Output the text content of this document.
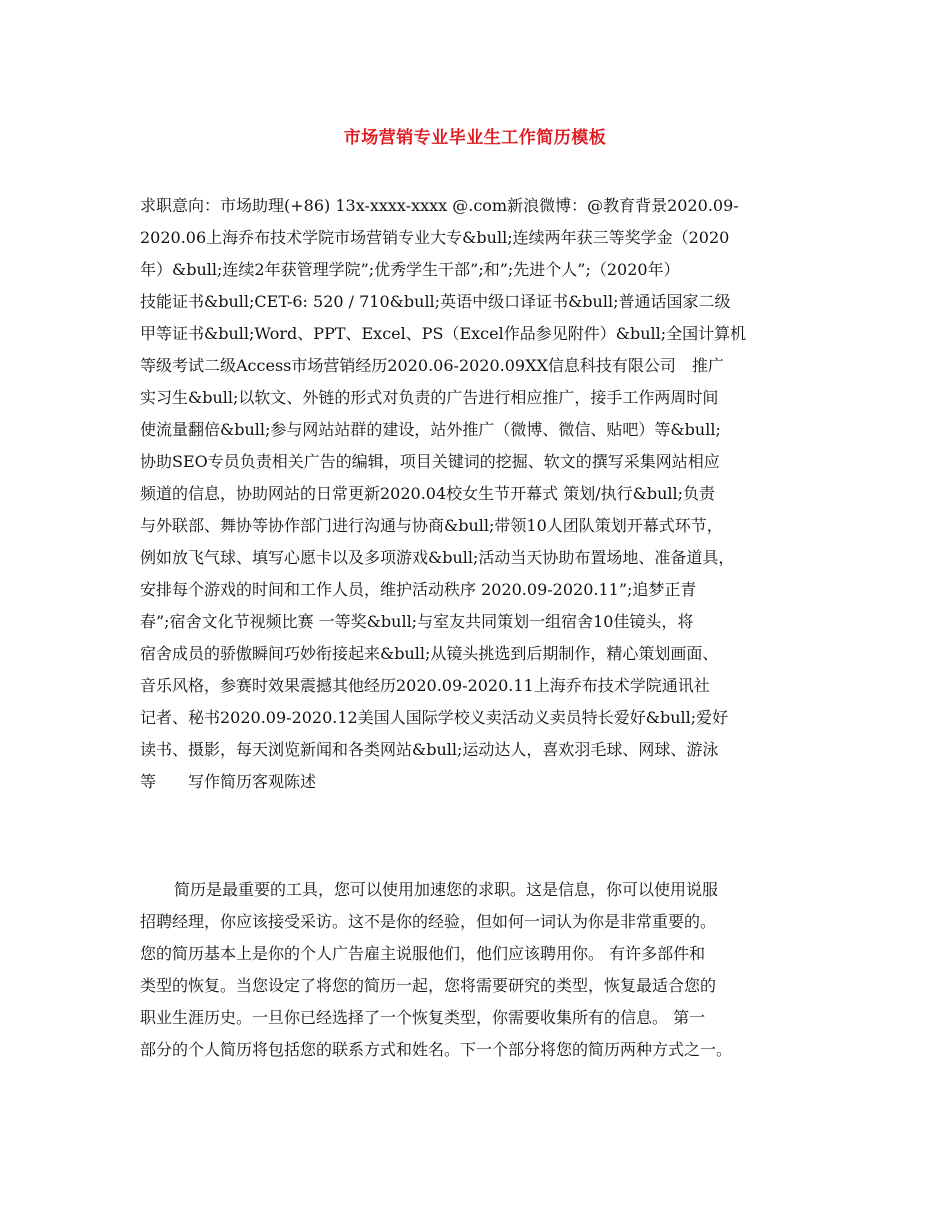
市场营销专业毕业生工作简历模板
求职意向：市场助理(+86) 13x-xxxx-xxxx @.com新浪微博：@教育背景2020.09-
2020.06上海乔布技术学院市场营销专业大专&bull;连续两年获三等奖学金（2020
年）&bull;连续2年获管理学院”;优秀学生干部”;和”;先进个人”;（2020年）
技能证书&bull;CET-6: 520 / 710&bull;英语中级口译证书&bull;普通话国家二级
甲等证书&bull;Word、PPT、Excel、PS（Excel作品参见附件）&bull;全国计算机
等级考试二级Access市场营销经历2020.06-2020.09XX信息科技有限公司　推广
实习生&bull;以软文、外链的形式对负责的广告进行相应推广，接手工作两周时间
使流量翻倍&bull;参与网站站群的建设，站外推广（微博、微信、贴吧）等&bull;
协助SEO专员负责相关广告的编辑，项目关键词的挖掘、软文的撰写采集网站相应
频道的信息，协助网站的日常更新2020.04校女生节开幕式 策划/执行&bull;负责
与外联部、舞协等协作部门进行沟通与协商&bull;带领10人团队策划开幕式环节，
例如放飞气球、填写心愿卡以及多项游戏&bull;活动当天协助布置场地、准备道具，
安排每个游戏的时间和工作人员，维护活动秩序 2020.09-2020.11”;追梦正青
春”;宿舍文化节视频比赛 一等奖&bull;与室友共同策划一组宿舍10佳镜头，将
宿舍成员的骄傲瞬间巧妙衔接起来&bull;从镜头挑选到后期制作，精心策划画面、
音乐风格，参赛时效果震撼其他经历2020.09-2020.11上海乔布技术学院通讯社
记者、秘书2020.09-2020.12美国人国际学校义卖活动义卖员特长爱好&bull;爱好
读书、摄影，每天浏览新闻和各类网站&bull;运动达人，喜欢羽毛球、网球、游泳
等　　写作简历客观陈述
简历是最重要的工具，您可以使用加速您的求职。这是信息，你可以使用说服
招聘经理，你应该接受采访。这不是你的经验，但如何一词认为你是非常重要的。
您的简历基本上是你的个人广告雇主说服他们，他们应该聘用你。 有许多部件和
类型的恢复。当您设定了将您的简历一起，您将需要研究的类型，恢复最适合您的
职业生涯历史。一旦你已经选择了一个恢复类型，你需要收集所有的信息。 第一
部分的个人简历将包括您的联系方式和姓名。下一个部分将您的简历两种方式之一。
